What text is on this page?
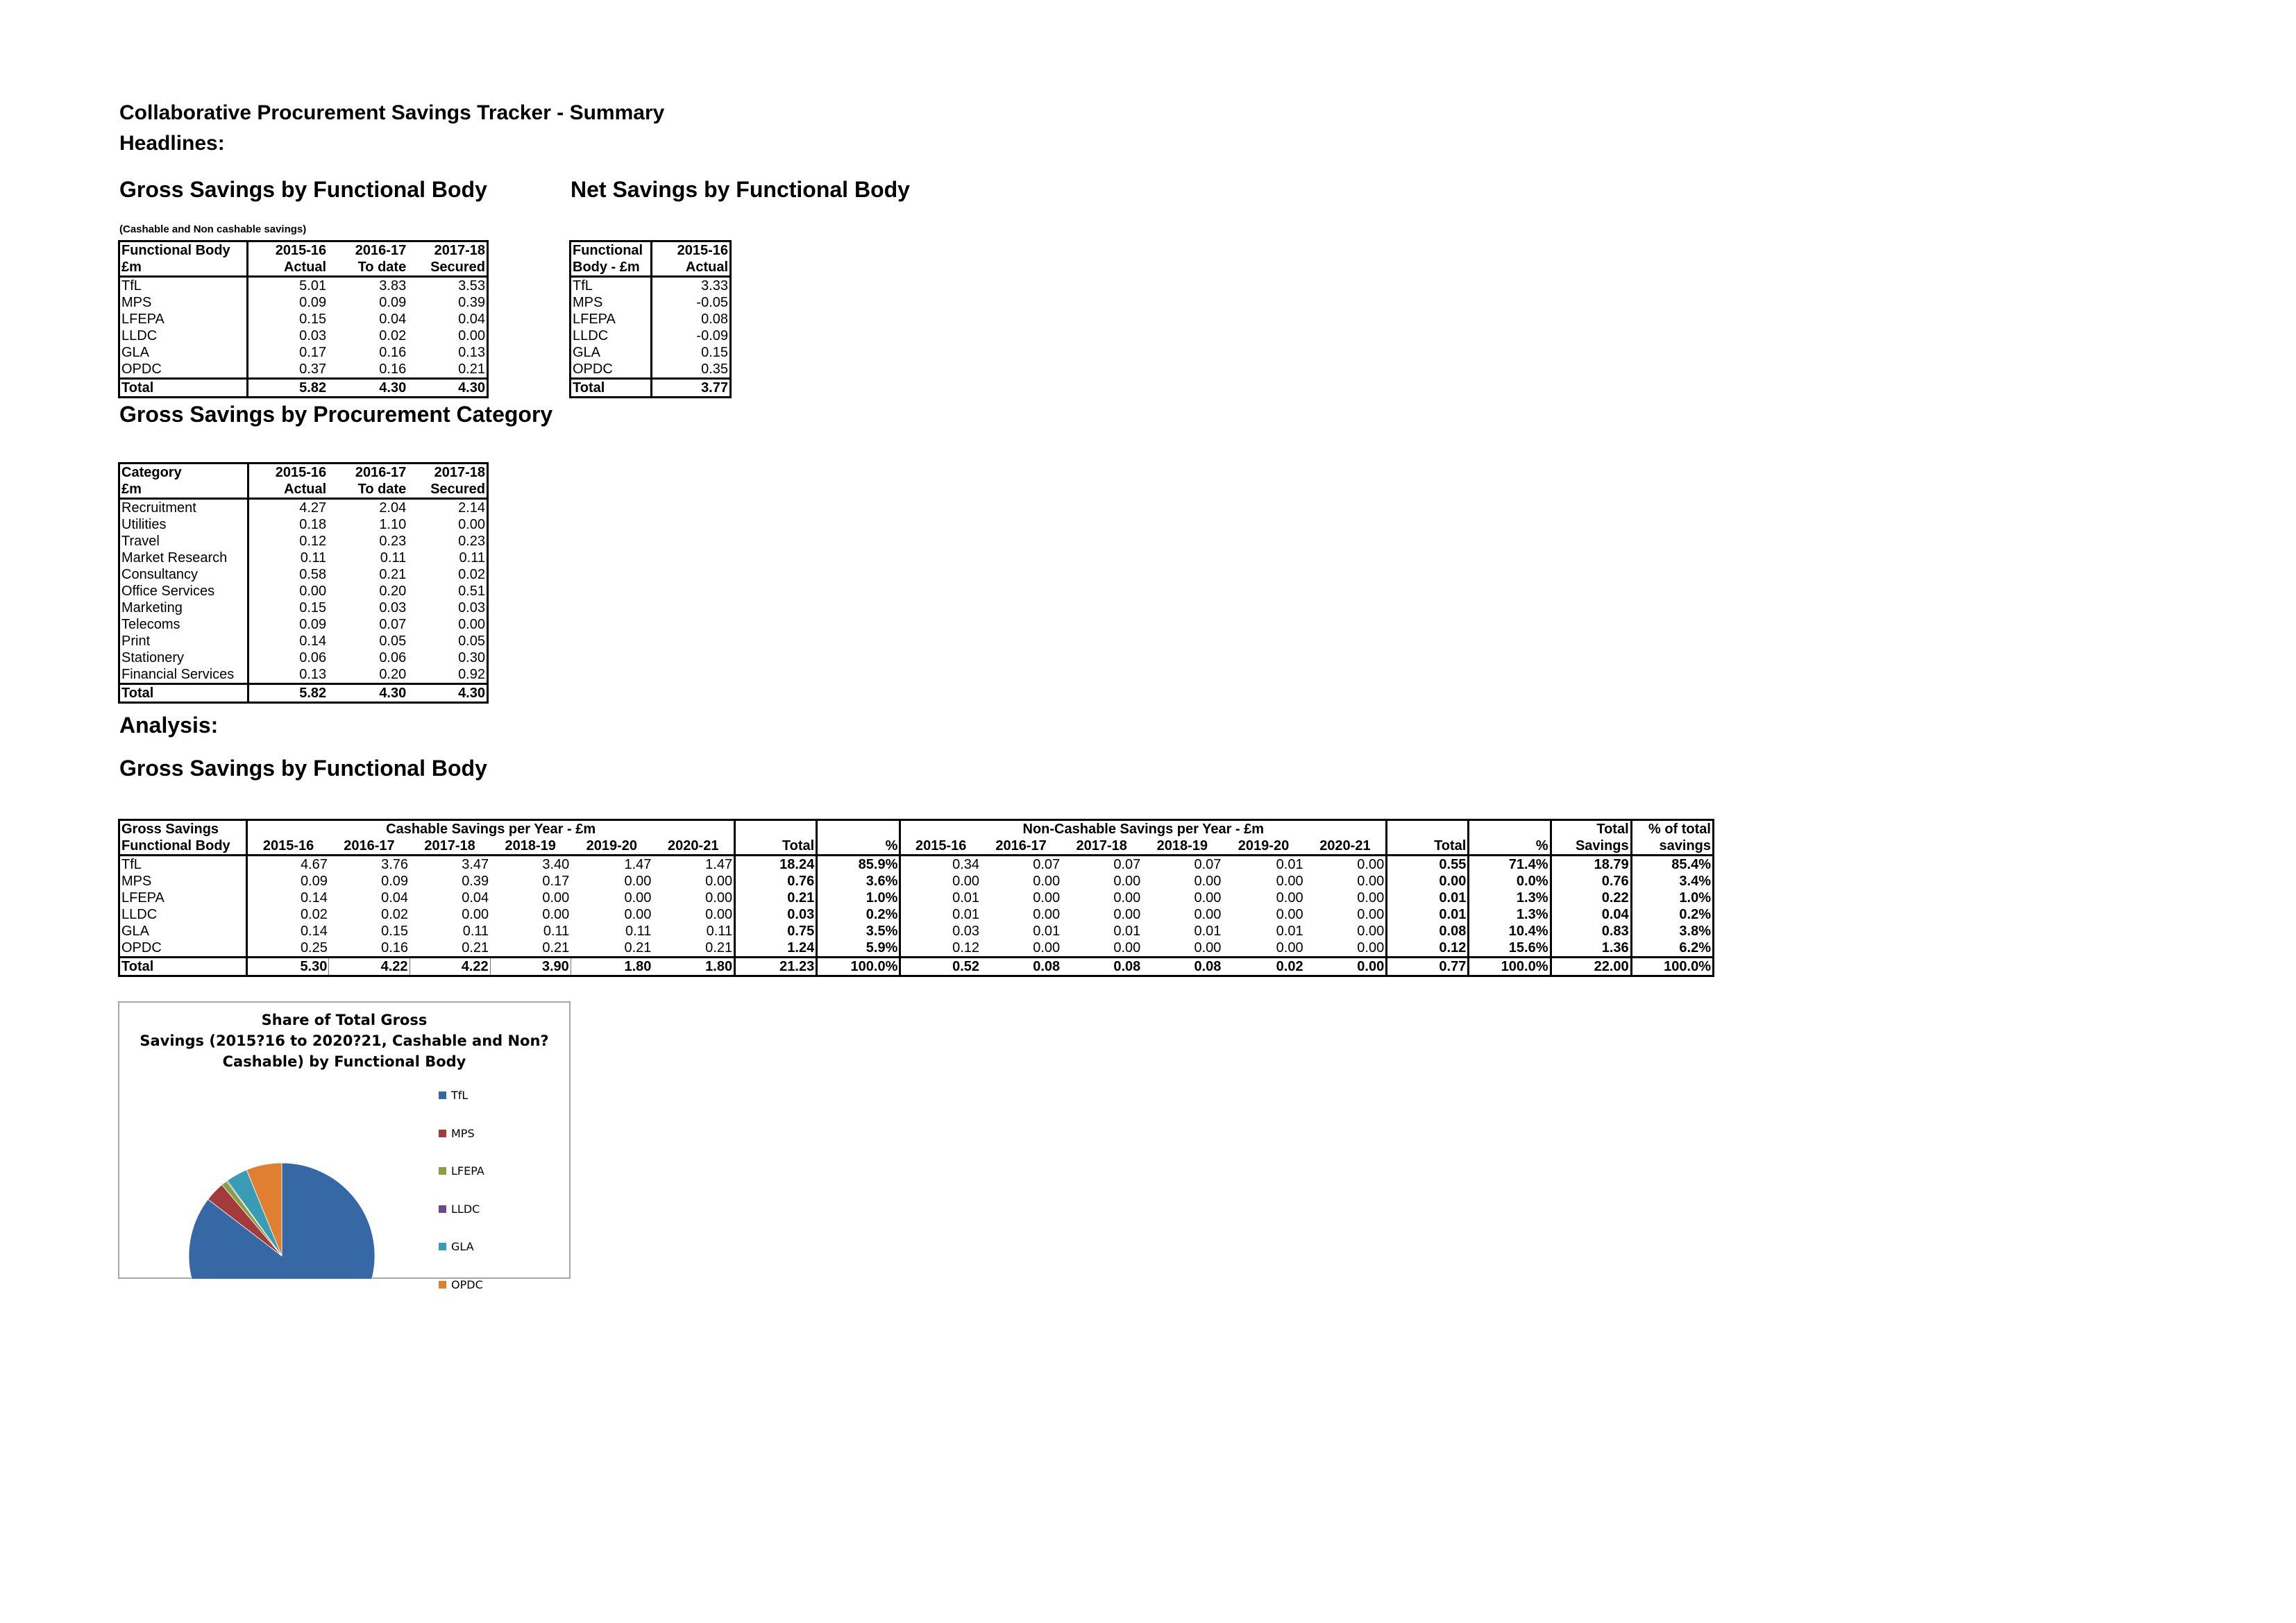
Collaborative Procurement Savings Tracker - Summary
Headlines:
Gross Savings by Functional Body
(Cashable and Non cashable savings)
Functional Body	2015-16	2016-17	2017-18
£m	Actual	To date	Secured
TfL	5.01	3.83	3.53
MPS	0.09	0.09	0.39
LFEPA	0.15	0.04	0.04
LLDC	0.03	0.02	0.00
GLA	0.17	0.16	0.13
OPDC	0.37	0.16	0.21
Total	5.82	4.30	4.30
Net Savings by Functional Body
Functional	2015-16
Body - £m	Actual
TfL	3.33
MPS	-0.05
LFEPA	0.08
LLDC	-0.09
GLA	0.15
OPDC	0.35
Total	3.77
Gross Savings by Procurement Category
Category	2015-16	2016-17	2017-18
£m	Actual	To date	Secured
Recruitment	4.27	2.04	2.14
Utilities	0.18	1.10	0.00
Travel	0.12	0.23	0.23
Market Research	0.11	0.11	0.11
Consultancy	0.58	0.21	0.02
Office Services	0.00	0.20	0.51
Marketing	0.15	0.03	0.03
Telecoms	0.09	0.07	0.00
Print	0.14	0.05	0.05
Stationery	0.06	0.06	0.30
Financial Services	0.13	0.20	0.92
Total	5.82	4.30	4.30
Analysis:
Gross Savings by Functional Body
Gross Savings	Cashable Savings per Year - £m								Non-Cashable Savings per Year - £m								Total	% of total
Functional Body	2015-16	2016-17	2017-18	2018-19	2019-20	2020-21	Total	%	2015-16	2016-17	2017-18	2018-19	2019-20	2020-21	Total	%	Savings	savings
TfL	4.67	3.76	3.47	3.40	1.47	1.47	18.24	85.9%	0.34	0.07	0.07	0.07	0.01	0.00	0.55	71.4%	18.79	85.4%
MPS	0.09	0.09	0.39	0.17	0.00	0.00	0.76	3.6%	0.00	0.00	0.00	0.00	0.00	0.00	0.00	0.0%	0.76	3.4%
LFEPA	0.14	0.04	0.04	0.00	0.00	0.00	0.21	1.0%	0.01	0.00	0.00	0.00	0.00	0.00	0.01	1.3%	0.22	1.0%
LLDC	0.02	0.02	0.00	0.00	0.00	0.00	0.03	0.2%	0.01	0.00	0.00	0.00	0.00	0.00	0.01	1.3%	0.04	0.2%
GLA	0.14	0.15	0.11	0.11	0.11	0.11	0.75	3.5%	0.03	0.01	0.01	0.01	0.01	0.00	0.08	10.4%	0.83	3.8%
OPDC	0.25	0.16	0.21	0.21	0.21	0.21	1.24	5.9%	0.12	0.00	0.00	0.00	0.00	0.00	0.12	15.6%	1.36	6.2%
Total	5.30	4.22	4.22	3.90	1.80	1.80	21.23	100.0%	0.52	0.08	0.08	0.08	0.02	0.00	0.77	100.0%	22.00	100.0%
Share of Total Gross
Savings (2015?16 to 2020?21, Cashable and Non?
Cashable) by Functional Body
TfL
MPS
LFEPA
LLDC
GLA
OPDC
